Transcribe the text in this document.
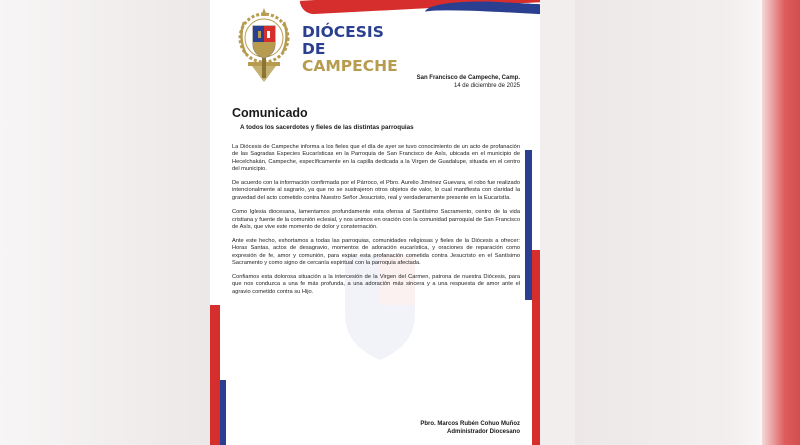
DIÓCESIS DE
CAMPECHE
San Francisco de Campeche, Camp.
14 de diciembre de 2025
Comunicado
A todos los sacerdotes y fieles de las distintas parroquias

La Diócesis de Campeche informa a los fieles que el día de ayer se tuvo conocimiento de un acto de profanación de las Sagradas Especies Eucarísticas en la Parroquia de San Francisco de Asís, ubicada en el municipio de Hecelchakán, Campeche, específicamente en la capilla dedicada a la Virgen de Guadalupe, situada en el centro del municipio.

De acuerdo con la información confirmada por el Párroco, el Pbro. Aurelio Jiménez Guevara, el robo fue realizado intencionalmente al sagrario, ya que no se sustrajeron otros objetos de valor, lo cual manifiesta con claridad la gravedad del acto cometido contra Nuestro Señor Jesucristo, real y verdaderamente presente en la Eucaristía.

Como Iglesia diocesana, lamentamos profundamente esta ofensa al Santísimo Sacramento, centro de la vida cristiana y fuente de la comunión eclesial, y nos unimos en oración con la comunidad parroquial de San Francisco de Asís, que vive este momento de dolor y consternación.

Ante este hecho, exhortamos a todas las parroquias, comunidades religiosas y fieles de la Diócesis a ofrecer: Horas Santas, actos de desagravio, momentos de adoración eucarística, y oraciones de reparación como expresión de fe, amor y comunión, para expiar esta profanación cometida contra Jesucristo en el Santísimo Sacramento y como signo de cercanía espiritual con la parroquia afectada.

Confiamos esta dolorosa situación a la intercesión de la Virgen del Carmen, patrona de nuestra Diócesis, para que nos conduzca a una fe más profunda, a una adoración más sincera y a una respuesta de amor ante el agravio cometido contra su Hijo.

Pbro. Marcos Rubén Cohuo Muñoz
Administrador Diocesano
